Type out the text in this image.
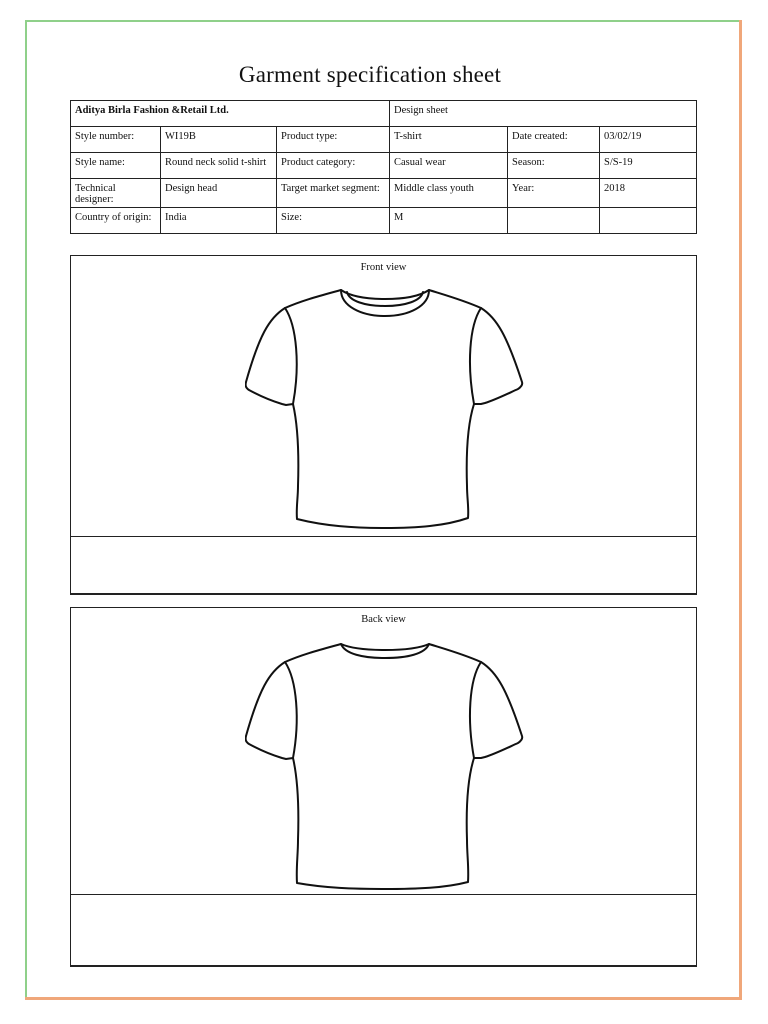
Garment specification sheet
Aditya Birla Fashion &Retail Ltd.			Design sheet		
Style number:	WI19B	Product type:	T-shirt	Date created:	03/02/19
Style name:	Round neck solid t-shirt	Product category:	Casual wear	Season:	S/S-19
Technical designer:	Design head	Target market segment:	Middle class youth	Year:	2018
Country of origin:	India	Size:	M		
Front view
Back view
